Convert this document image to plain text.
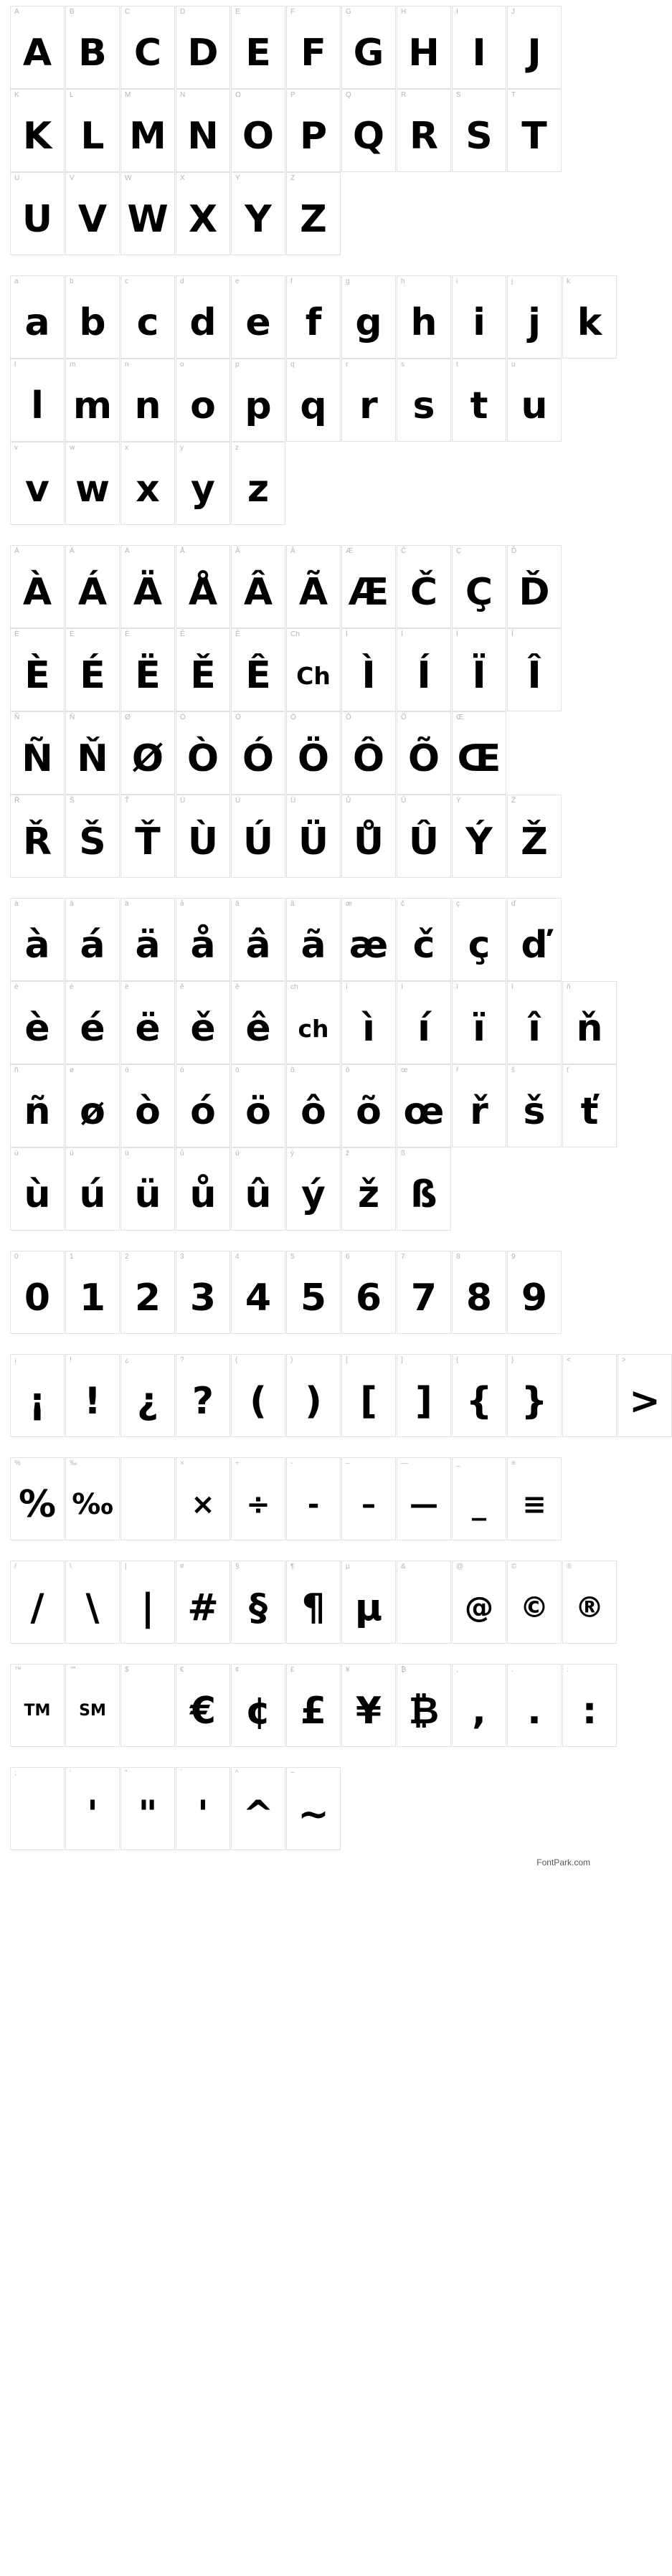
A
A
B
B
C
C
D
D
E
E
F
F
G
G
H
H
I
I
J
J
K
K
L
L
M
M
N
N
O
O
P
P
Q
Q
R
R
S
S
T
T
U
U
V
V
W
W
X
X
Y
Y
Z
Z
a
a
b
b
c
c
d
d
e
e
f
f
g
g
h
h
i
i
j
j
k
k
l
l
m
m
n
n
o
o
p
p
q
q
r
r
s
s
t
t
u
u
v
v
w
w
x
x
y
y
z
z
À
À
Á
Á
Ä
Ä
Å
Å
Â
Â
Ã
Ã
Æ
Æ
Č
Č
Ç
Ç
Ď
Ď
È
È
É
É
Ë
Ë
Ě
Ě
Ê
Ê
Ch
Ch
Ì
Ì
Í
Í
Ï
Ï
Î
Î
Ñ
Ñ
Ň
Ň
Ø
Ø
Ò
Ò
Ó
Ó
Ö
Ö
Ô
Ô
Õ
Õ
Œ
Œ
Ř
Ř
Š
Š
Ť
Ť
Ù
Ù
Ú
Ú
Ü
Ü
Ů
Ů
Û
Û
Ý
Ý
Ž
Ž
à
à
á
á
ä
ä
å
å
â
â
ã
ã
æ
æ
č
č
ç
ç
ď
ď
è
è
é
é
ë
ë
ě
ě
ê
ê
ch
ch
ì
ì
í
í
ï
ï
î
î
ň
ň
ñ
ñ
ø
ø
ò
ò
ó
ó
ö
ö
ô
ô
õ
õ
œ
œ
ř
ř
š
š
ť
ť
ù
ù
ú
ú
ü
ü
ů
ů
û
û
ý
ý
ž
ž
ß
ß
0
0
1
1
2
2
3
3
4
4
5
5
6
6
7
7
8
8
9
9
¡
¡
!
!
¿
¿
?
?
(
(
)
)
[
[
]
]
{
{
}
}
<	>
>
%
%
‰
‰
×
×
÷
÷
-
-
–
–
—
—
_
_
≡
≡
/
/
\
\
|
|
#
#
§
§
¶
¶
µ
µ
&	@
@
©
©
®
®
™
TM
℠
SM
$	€
€
¢
¢
£
£
¥
¥
₿
₿
,
,
.
.
:
:
;	'
'
"
"
`
'
^
^
~
~
FontPark.com
